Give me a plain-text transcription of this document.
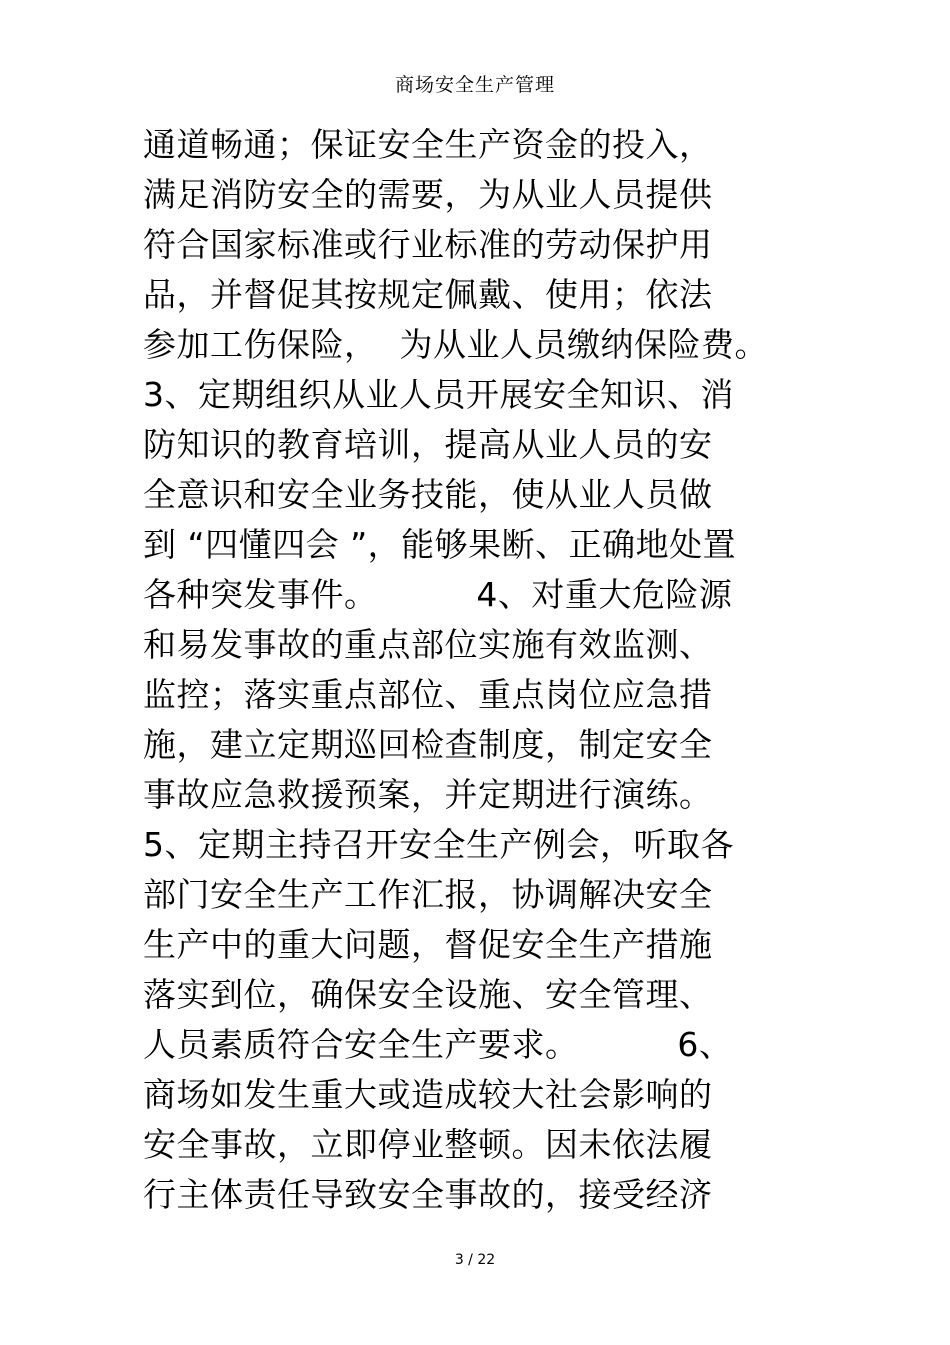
商场安全生产管理
通道畅通；保证安全生产资金的投入，
满足消防安全的需要，为从业人员提供
符合国家标准或行业标准的劳动保护用
品，并督促其按规定佩戴、使用；依法
参加工伤保险，  为从业人员缴纳保险费。
3、定期组织从业人员开展安全知识、消
防知识的教育培训，提高从业人员的安
全意识和安全业务技能，使从业人员做
到 “四懂四会 ”，能够果断、正确地处置
各种突发事件。         4、对重大危险源
和易发事故的重点部位实施有效监测、
监控；落实重点部位、重点岗位应急措
施，建立定期巡回检查制度，制定安全
事故应急救援预案，并定期进行演练。
5、定期主持召开安全生产例会，听取各
部门安全生产工作汇报，协调解决安全
生产中的重大问题，督促安全生产措施
落实到位，确保安全设施、安全管理、
人员素质符合安全生产要求。         6、
商场如发生重大或造成较大社会影响的
安全事故，立即停业整顿。因未依法履
行主体责任导致安全事故的，接受经济
3 / 22
